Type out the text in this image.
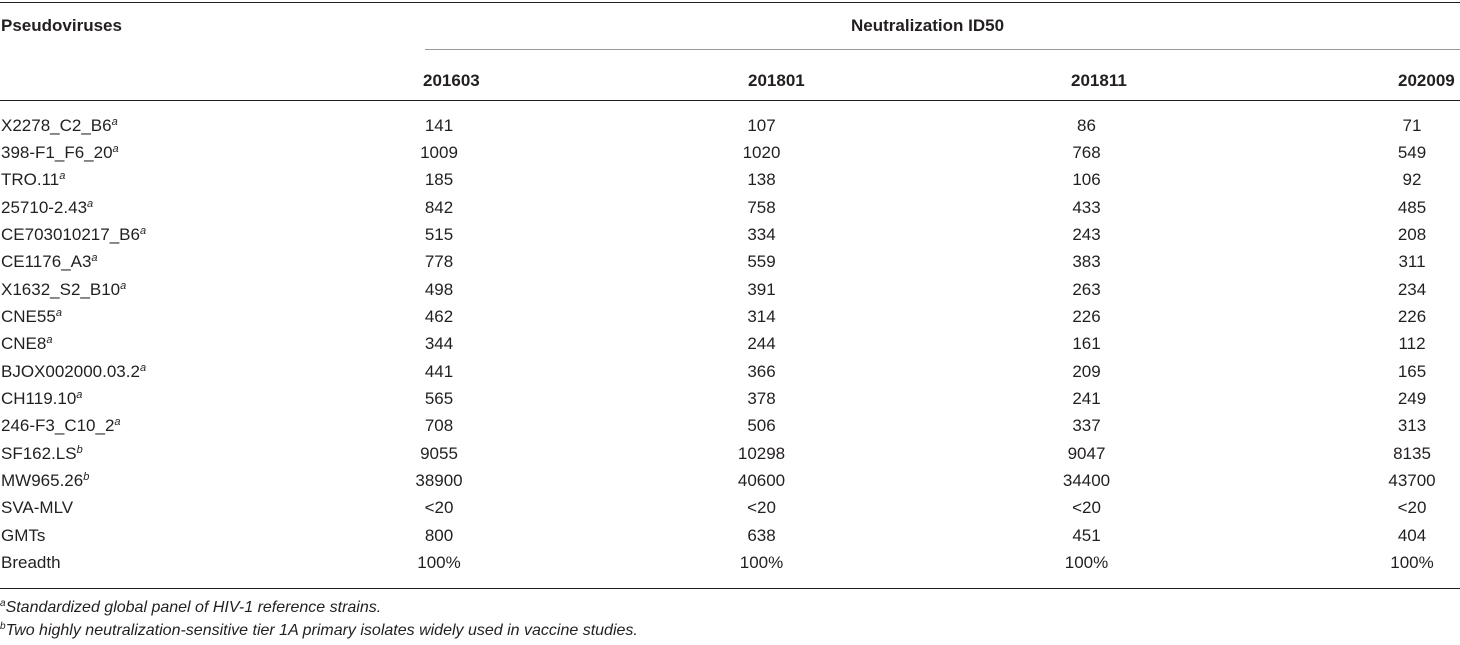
Pseudoviruses	Neutralization ID50
201603	201801	201811	202009
X2278_C2_B6$^a$	141		107		86		71
398-F1_F6_20$^a$	1009		1020		768		549
TRO.11$^a$	185		138		106		92
25710-2.43$^a$	842		758		433		485
CE703010217_B6$^a$	515		334		243		208
CE1176_A3$^a$	778		559		383		311
X1632_S2_B10$^a$	498		391		263		234
CNE55$^a$	462		314		226		226
CNE8$^a$	344		244		161		112
BJOX002000.03.2$^a$	441		366		209		165
CH119.10$^a$	565		378		241		249
246-F3_C10_2$^a$	708		506		337		313
$SF162.LS^b$	9055		10298		9047		8135
MW965.26$^b$	38900		40600		34400		43700
SVA-MLV	<20		<20		<20		<20
GMTs	800		638		451		404
Breadth	100%		100%		100%		100%
$^a$Standardized global panel of HIV-1 reference strains.
$^b$Two highly neutralization-sensitive tier 1A primary isolates widely used in vaccine studies.
